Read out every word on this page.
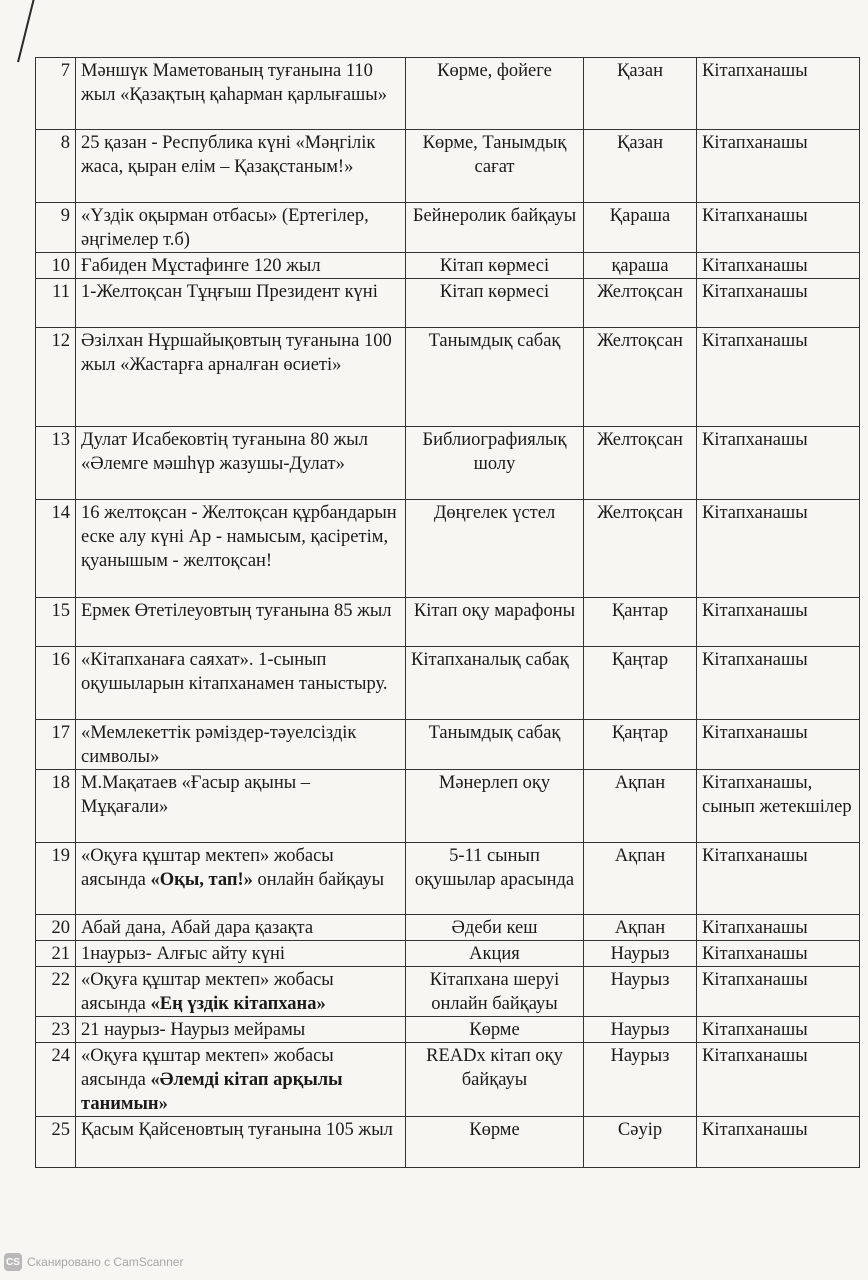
7	Мәншүк Маметованың туғанына 110 жыл «Қазақтың қаһарман қарлығашы»	Көрме, фойеге	Қазан	Кітапханашы
8	25 қазан - Республика күні «Мәңгілік жаса, қыран елім – Қазақстаным!»	Көрме, Танымдық сағат	Қазан	Кітапханашы
9	«Үздік оқырман отбасы» (Ертегілер, әңгімелер т.б)	Бейнеролик байқауы	Қараша	Кітапханашы
10	Ғабиден Мұстафинге 120 жыл	Кітап көрмесі	қараша	Кітапханашы
11	1-Желтоқсан Тұңғыш Президент күні	Кітап көрмесі	Желтоқсан	Кітапханашы
12	Әзілхан Нұршайықовтың туғанына 100 жыл «Жастарға арналған өсиеті»	Танымдық сабақ	Желтоқсан	Кітапханашы
13	Дулат Исабековтің туғанына 80 жыл «Әлемге мәшһүр жазушы-Дулат»	Библиографиялық шолу	Желтоқсан	Кітапханашы
14	16 желтоқсан - Желтоқсан құрбандарын еске алу күні Ар - намысым, қасіретім, қуанышым - желтоқсан!	Дөңгелек үстел	Желтоқсан	Кітапханашы
15	Ермек Өтетілеуовтың туғанына 85 жыл	Кітап оқу марафоны	Қантар	Кітапханашы
16	«Кітапханаға саяхат». 1-сынып оқушыларын кітапханамен таныстыру.	Кітапханалық сабақ	Қаңтар	Кітапханашы
17	«Мемлекеттік рәміздер-тәуелсіздік символы»	Танымдық сабақ	Қаңтар	Кітапханашы
18	М.Мақатаев «Ғасыр ақыны – Мұқағали»	Мәнерлеп оқу	Ақпан	Кітапханашы, сынып жетекшілер
19	«Оқуға құштар мектеп» жобасы аясында «Оқы, тап!» онлайн байқауы	5-11 сынып оқушылар арасында	Ақпан	Кітапханашы
20	Абай дана, Абай дара қазақта	Әдеби кеш	Ақпан	Кітапханашы
21	1наурыз- Алғыс айту күні	Акция	Наурыз	Кітапханашы
22	«Оқуға құштар мектеп» жобасы аясында «Ең үздік кітапхана»	Кітапхана шеруі онлайн байқауы	Наурыз	Кітапханашы
23	21 наурыз- Наурыз мейрамы	Көрме	Наурыз	Кітапханашы
24	«Оқуға құштар мектеп» жобасы аясында «Әлемді кітап арқылы танимын»	READx кітап оқу байқауы	Наурыз	Кітапханашы
25	Қасым Қайсеновтың туғанына 105 жыл	Көрме	Сәуір	Кітапханашы
CS Сканировано с CamScanner
